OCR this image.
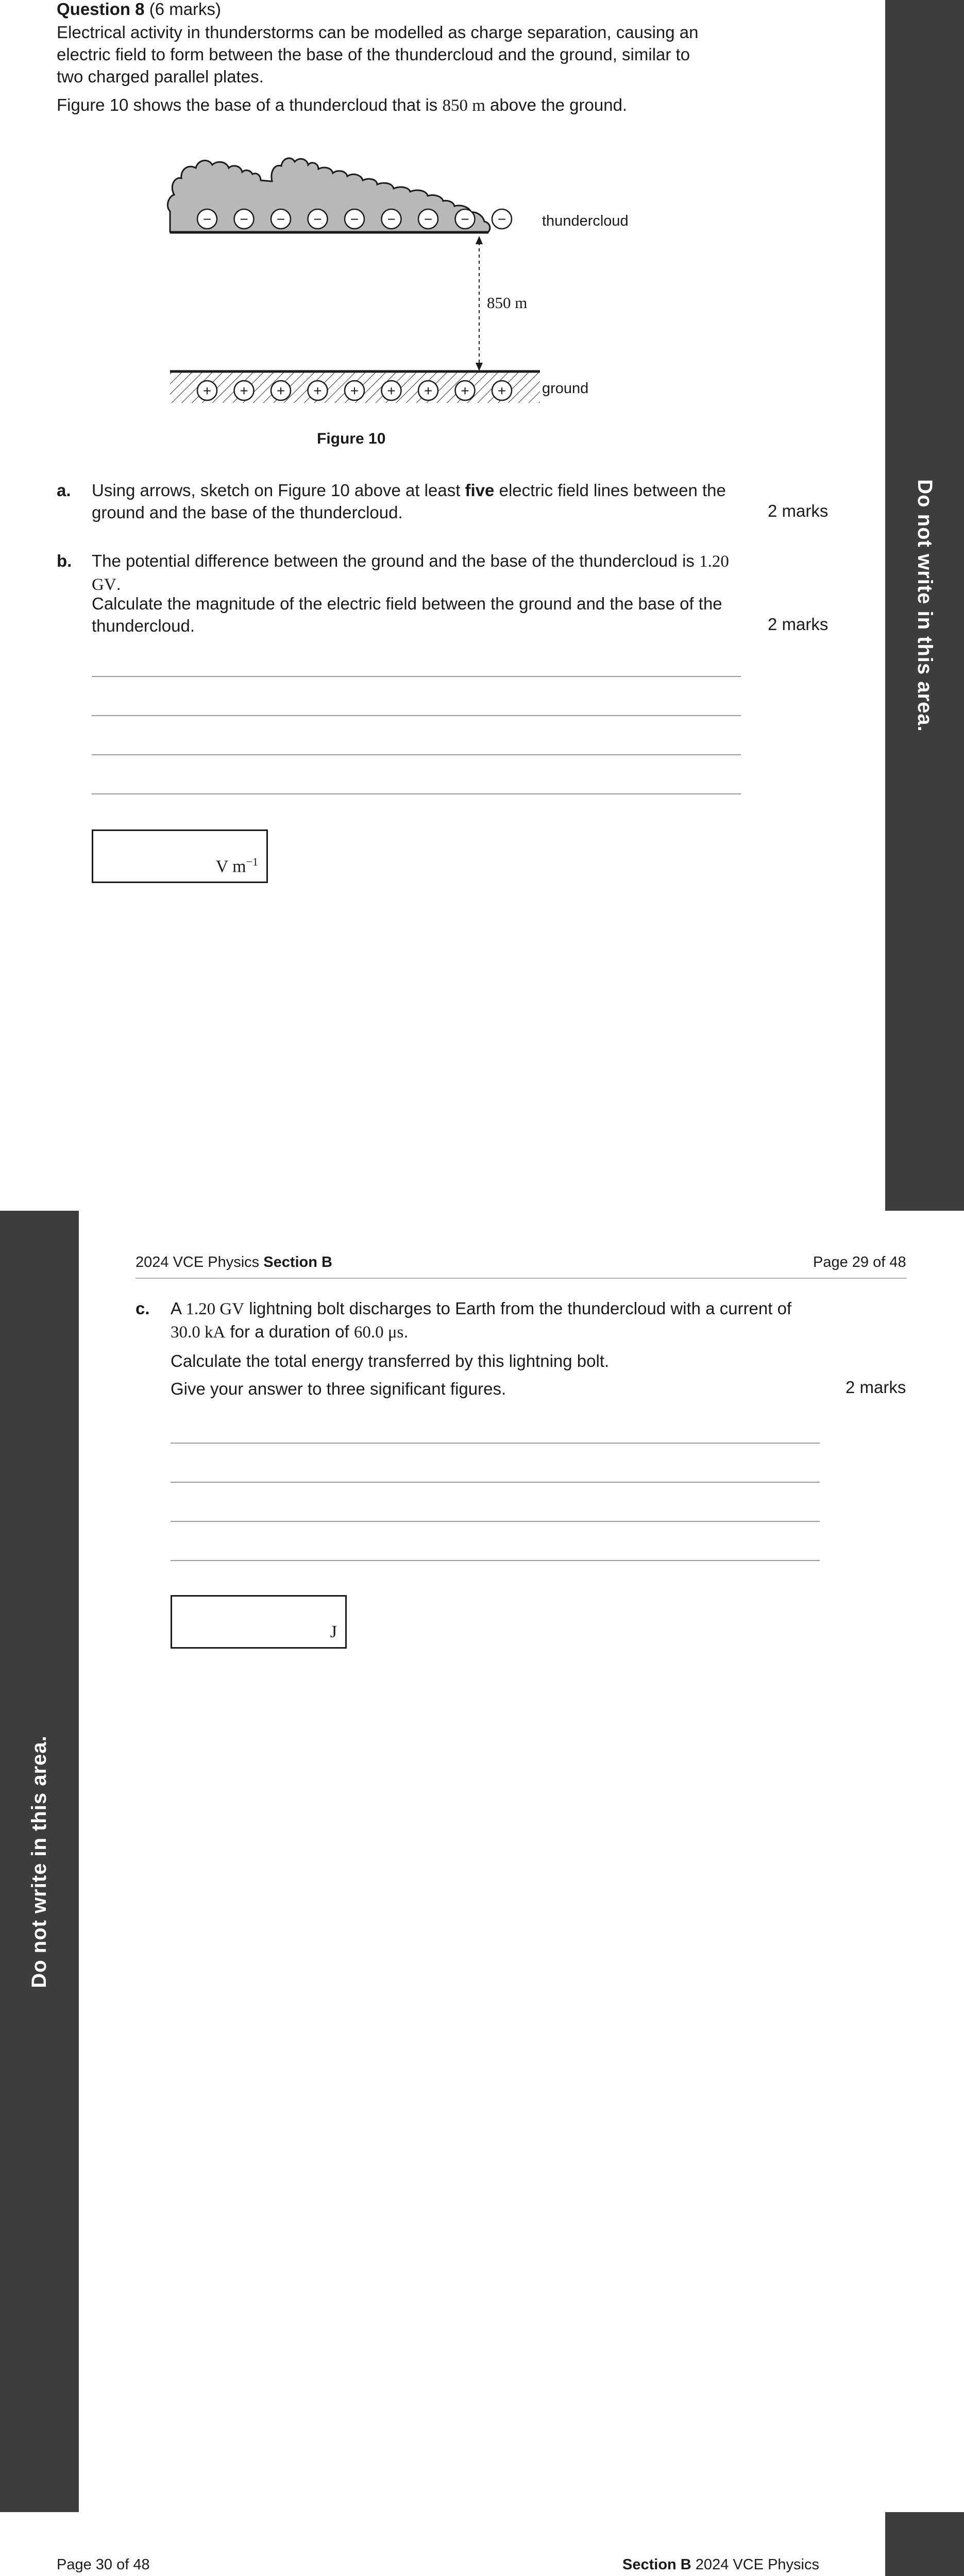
Do not write in this area.
Question 8 (6 marks)
Electrical activity in thunderstorms can be modelled as charge separation, causing an electric field to form between the base of the thundercloud and the ground, similar to two charged parallel plates.
Figure 10 shows the base of a thundercloud that is 850 m above the ground.
− − − − − − − − − thundercloud
850 m
+ + + + + + + + + ground
Figure 10
a. Using arrows, sketch on Figure 10 above at least five electric field lines between the ground and the base of the thundercloud.	2 marks
b. The potential difference between the ground and the base of the thundercloud is 1.20 GV.
Calculate the magnitude of the electric field between the ground and the base of the thundercloud.	2 marks
V $m^{-1}$
Do not write in this area.
2024 VCE Physics Section B	Page 29 of 48
c. A 1.20 GV lightning bolt discharges to Earth from the thundercloud with a current of 30.0 kA for a duration of 60.0 μs.
Calculate the total energy transferred by this lightning bolt.
Give your answer to three significant figures.	2 marks
J
Page 30 of 48	Section B 2024 VCE Physics
